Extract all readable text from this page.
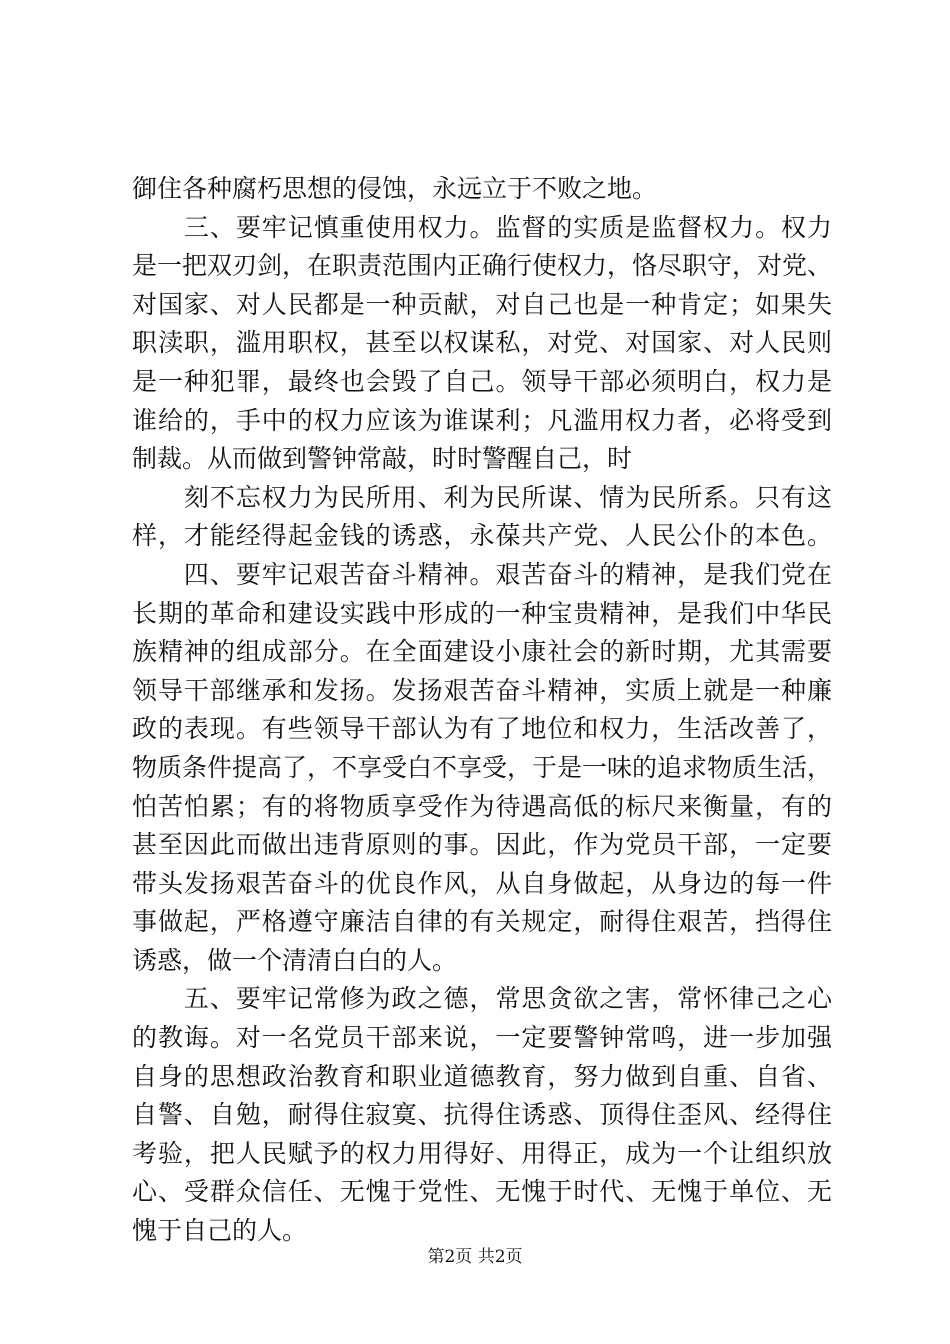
御住各种腐朽思想的侵蚀，永远立于不败之地。
　　三、要牢记慎重使用权力。监督的实质是监督权力。权力
是一把双刃剑，在职责范围内正确行使权力，恪尽职守，对党、
对国家、对人民都是一种贡献，对自己也是一种肯定；如果失
职渎职，滥用职权，甚至以权谋私，对党、对国家、对人民则
是一种犯罪，最终也会毁了自己。领导干部必须明白，权力是
谁给的，手中的权力应该为谁谋利；凡滥用权力者，必将受到
制裁。从而做到警钟常敲，时时警醒自己，时
　　刻不忘权力为民所用、利为民所谋、情为民所系。只有这
样，才能经得起金钱的诱惑，永葆共产党、人民公仆的本色。
　　四、要牢记艰苦奋斗精神。艰苦奋斗的精神，是我们党在
长期的革命和建设实践中形成的一种宝贵精神，是我们中华民
族精神的组成部分。在全面建设小康社会的新时期，尤其需要
领导干部继承和发扬。发扬艰苦奋斗精神，实质上就是一种廉
政的表现。有些领导干部认为有了地位和权力，生活改善了，
物质条件提高了，不享受白不享受，于是一味的追求物质生活，
怕苦怕累；有的将物质享受作为待遇高低的标尺来衡量，有的
甚至因此而做出违背原则的事。因此，作为党员干部，一定要
带头发扬艰苦奋斗的优良作风，从自身做起，从身边的每一件
事做起，严格遵守廉洁自律的有关规定，耐得住艰苦，挡得住
诱惑，做一个清清白白的人。
　　五、要牢记常修为政之德，常思贪欲之害，常怀律己之心
的教诲。对一名党员干部来说，一定要警钟常鸣，进一步加强
自身的思想政治教育和职业道德教育，努力做到自重、自省、
自警、自勉，耐得住寂寞、抗得住诱惑、顶得住歪风、经得住
考验，把人民赋予的权力用得好、用得正，成为一个让组织放
心、受群众信任、无愧于党性、无愧于时代、无愧于单位、无
愧于自己的人。
第2页 共2页
